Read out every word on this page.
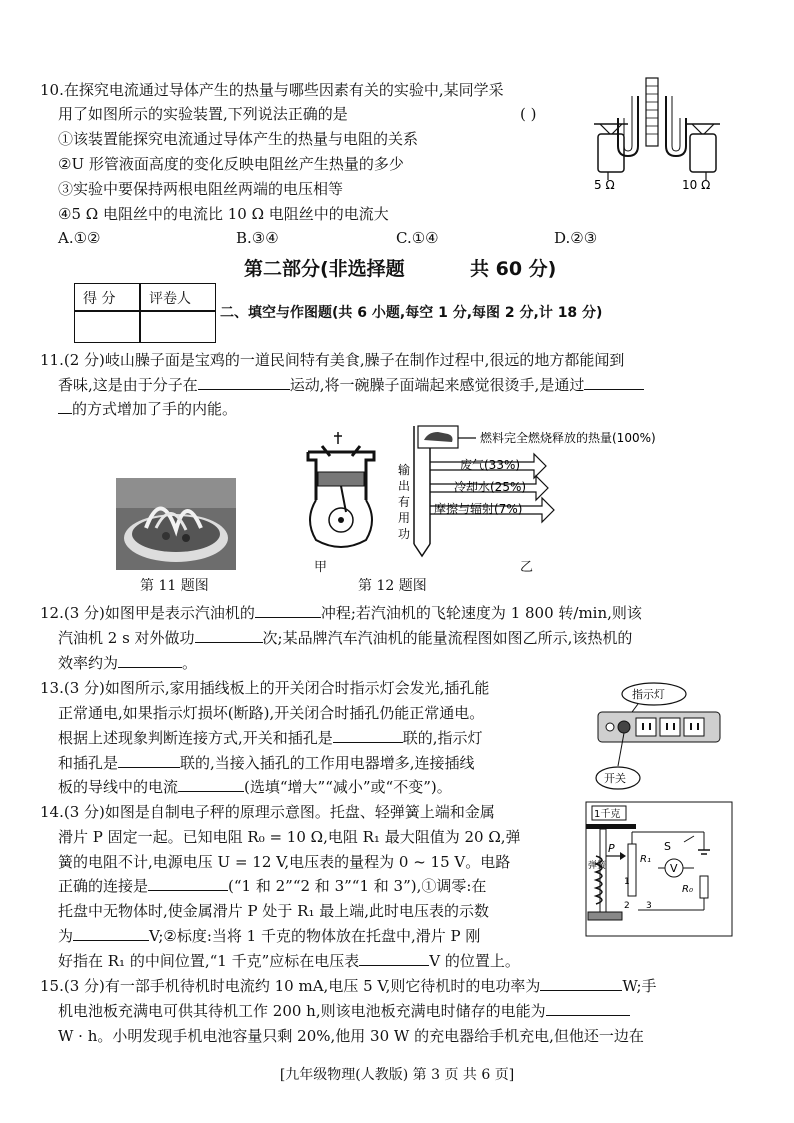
10.在探究电流通过导体产生的热量与哪些因素有关的实验中,某同学采
用了如图所示的实验装置,下列说法正确的是	( )
①该装置能探究电流通过导体产生的热量与电阻的关系
②U 形管液面高度的变化反映电阻丝产生热量的多少
③实验中要保持两根电阻丝两端的电压相等
④5 Ω 电阻丝中的电流比 10 Ω 电阻丝中的电流大
A.①②	B.③④	C.①④	D.②③
5 Ω	10 Ω
第二部分(非选择题	共 60 分)
得 分 评卷人
二、填空与作图题(共 6 小题,每空 1 分,每图 2 分,计 18 分)
11.(2 分)岐山臊子面是宝鸡的一道民间特有美食,臊子在制作过程中,很远的地方都能闻到
香味,这是由于分子在	运动,将一碗臊子面端起来感觉很烫手,是通过
的方式增加了手的内能。
第 11 题图
甲
第 12 题图
燃料完全燃烧释放的热量(100%)
废气(33%)
冷却水(25%)
摩擦与辐射(7%)
输
出
有
用
功
乙
12.(3 分)如图甲是表示汽油机的	冲程;若汽油机的飞轮速度为 1 800 转/min,则该
汽油机 2 s 对外做功	次;某品牌汽车汽油机的能量流程图如图乙所示,该热机的
效率约为	。
13.(3 分)如图所示,家用插线板上的开关闭合时指示灯会发光,插孔能
正常通电,如果指示灯损坏(断路),开关闭合时插孔仍能正常通电。
根据上述现象判断连接方式,开关和插孔是	联的,指示灯
和插孔是	联的,当接入插孔的工作用电器增多,连接插线
板的导线中的电流	(选填“增大”“减小”或“不变”)。
指示灯
开关
14.(3 分)如图是自制电子秤的原理示意图。托盘、轻弹簧上端和金属
滑片 P 固定一起。已知电阻 R₀ = 10 Ω,电阻 R₁ 最大阻值为 20 Ω,弹
簧的电阻不计,电源电压 U = 12 V,电压表的量程为 0 ~ 15 V。电路
正确的连接是	(“1 和 2”“2 和 3”“1 和 3”),①调零:在
托盘中无物体时,使金属滑片 P 处于 R₁ 最上端,此时电压表的示数
为	V;②标度:当将 1 千克的物体放在托盘中,滑片 P 刚
好指在 R₁ 的中间位置,“1 千克”应标在电压表	V 的位置上。
1千克
弹簧
P
R₁
V
S
R₀
1
2 3
15.(3 分)有一部手机待机时电流约 10 mA,电压 5 V,则它待机时的电功率为	W;手
机电池板充满电可供其待机工作 200 h,则该电池板充满电时储存的电能为
W · h。小明发现手机电池容量只剩 20%,他用 30 W 的充电器给手机充电,但他还一边在
[九年级物理(人教版) 第 3 页 共 6 页]
